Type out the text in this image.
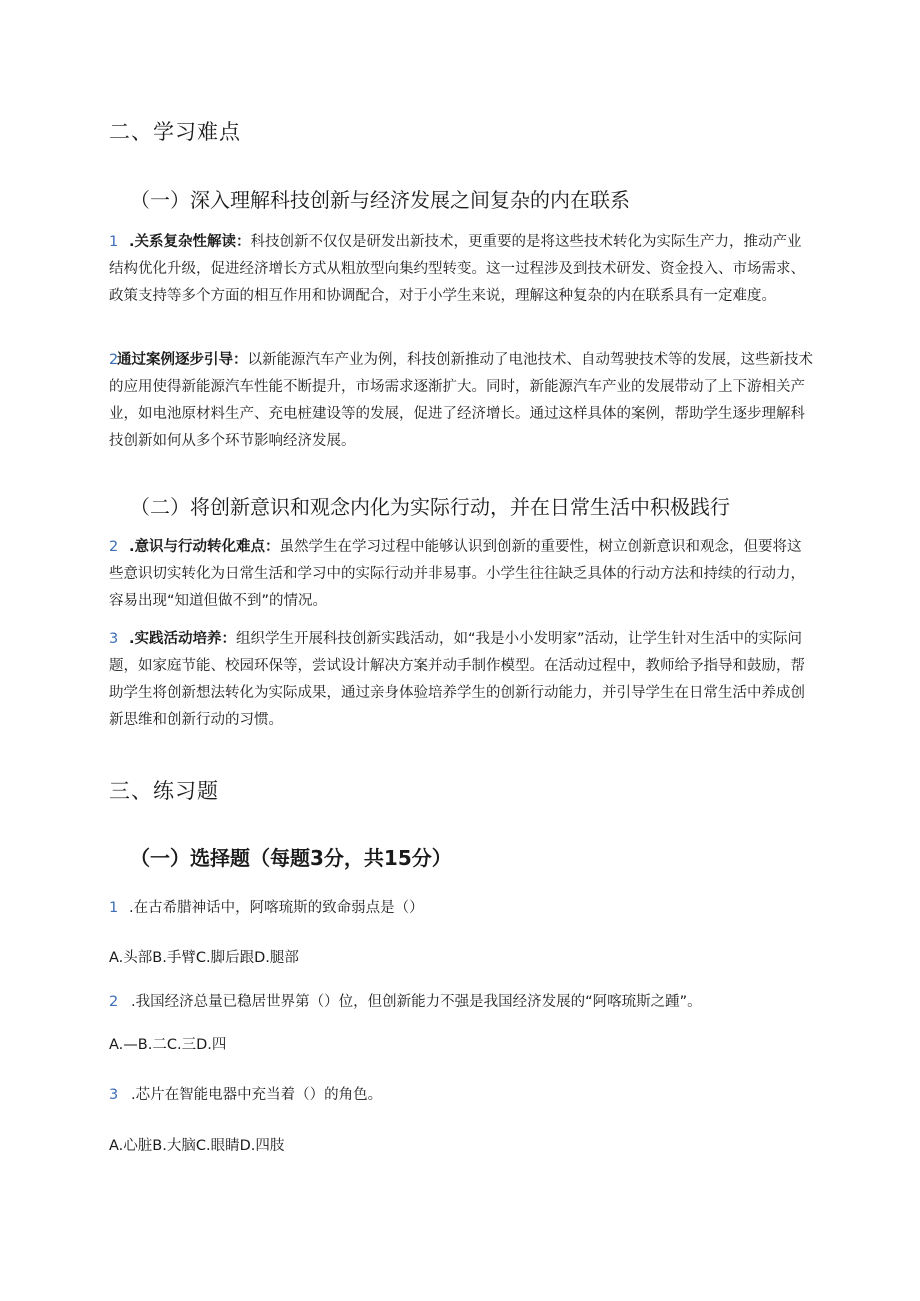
二、学习难点
（一）深入理解科技创新与经济发展之间复杂的内在联系

1 .关系复杂性解读：科技创新不仅仅是研发出新技术，更重要的是将这些技术转化为实际生产力，推动产业结构优化升级，促进经济增长方式从粗放型向集约型转变。这一过程涉及到技术研发、资金投入、市场需求、政策支持等多个方面的相互作用和协调配合，对于小学生来说，理解这种复杂的内在联系具有一定难度。

2通过案例逐步引导：以新能源汽车产业为例，科技创新推动了电池技术、自动驾驶技术等的发展，这些新技术的应用使得新能源汽车性能不断提升，市场需求逐渐扩大。同时，新能源汽车产业的发展带动了上下游相关产业，如电池原材料生产、充电桩建设等的发展，促进了经济增长。通过这样具体的案例，帮助学生逐步理解科技创新如何从多个环节影响经济发展。

（二）将创新意识和观念内化为实际行动，并在日常生活中积极践行

2 .意识与行动转化难点：虽然学生在学习过程中能够认识到创新的重要性，树立创新意识和观念，但要将这些意识切实转化为日常生活和学习中的实际行动并非易事。小学生往往缺乏具体的行动方法和持续的行动力，容易出现“知道但做不到”的情况。

3 .实践活动培养：组织学生开展科技创新实践活动，如“我是小小发明家”活动，让学生针对生活中的实际问题，如家庭节能、校园环保等，尝试设计解决方案并动手制作模型。在活动过程中，教师给予指导和鼓励，帮助学生将创新想法转化为实际成果，通过亲身体验培养学生的创新行动能力，并引导学生在日常生活中养成创新思维和创新行动的习惯。

三、练习题
（一）选择题（每题3分，共15分）

1 .在古希腊神话中，阿喀琉斯的致命弱点是（）

A.头部B.手臂C.脚后跟D.腿部

2 .我国经济总量已稳居世界第（）位，但创新能力不强是我国经济发展的“阿喀琉斯之踵”。

A.—B.二C.三D.四

3 .芯片在智能电器中充当着（）的角色。

A.心脏B.大脑C.眼睛D.四肢
